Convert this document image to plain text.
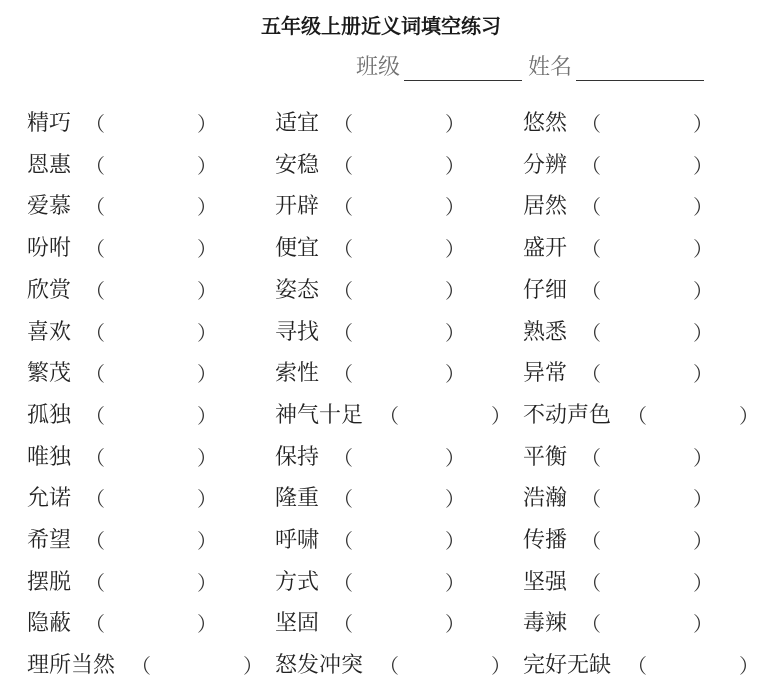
五年级上册近义词填空练习
班级	姓名
精巧 （	）	适宜 （	）	悠然 （	）
恩惠 （	）	安稳 （	）	分辨 （	）
爱慕 （	）	开辟 （	）	居然 （	）
吩咐 （	）	便宜 （	）	盛开 （	）
欣赏 （	）	姿态 （	）	仔细 （	）
喜欢 （	）	寻找 （	）	熟悉 （	）
繁茂 （	）	索性 （	）	异常 （	）
孤独 （	）	神气十足 （	） 不动声色 （	）
唯独 （	）	保持 （	）	平衡 （	）
允诺 （	）	隆重 （	）	浩瀚 （	）
希望 （	）	呼啸 （	）	传播 （	）
摆脱 （	）	方式 （	）	坚强 （	）
隐蔽 （	）	坚固 （	）	毒辣 （	）
理所当然 （	） 怒发冲突 （	） 完好无缺 （	）
